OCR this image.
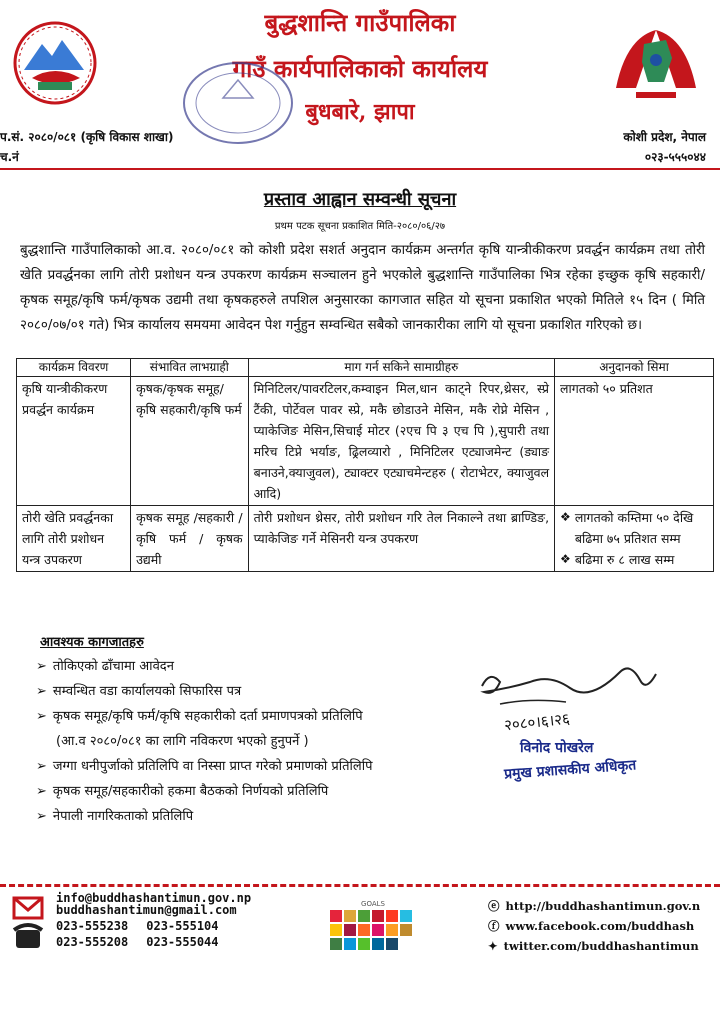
बुद्धशान्ति गाउँपालिका
गाउँ कार्यपालिकाको कार्यालय
बुधबारे, झापा
प.सं. २०८०/०८१ (कृषि विकास शाखा)
च.नं
कोशी प्रदेश, नेपाल
०२३-५५५०४४
प्रस्ताव आह्वान सम्वन्धी सूचना
प्रथम पटक सूचना प्रकाशित मिति-२०८०/०६/२७
बुद्धशान्ति गाउँपालिकाको आ.व. २०८०/०८१ को कोशी प्रदेश सशर्त अनुदान कार्यक्रम अन्तर्गत कृषि यान्त्रीकीकरण प्रवर्द्धन कार्यक्रम तथा तोरी खेति प्रवर्द्धनका लागि तोरी प्रशोधन यन्त्र उपकरण कार्यक्रम सञ्चालन हुने भएकोले बुद्धशान्ति गाउँपालिका भित्र रहेका इच्छुक कृषि सहकारी/कृषक समूह/कृषि फर्म/कृषक उद्यमी तथा कृषकहरुले तपशिल अनुसारका कागजात सहित यो सूचना प्रकाशित भएको मितिले १५ दिन ( मिति २०८०/०७/०१ गते) भित्र कार्यालय समयमा आवेदन पेश गर्नुहुन सम्वन्धित सबैको जानकारीका लागि यो सूचना प्रकाशित गरिएको छ।
कार्यक्रम विवरण	संभावित लाभग्राही	माग गर्न सकिने सामाग्रीहरु	अनुदानको सिमा
कृषि यान्त्रीकीकरण प्रवर्द्धन कार्यक्रम	कृषक/कृषक समूह/कृषि सहकारी/कृषि फर्म	मिनिटिलर/पावरटिलर,कम्वाइन मिल,धान काट्ने रिपर,थ्रेसर, स्प्रे टैंकी, पोर्टेवल पावर स्प्रे, मकै छोडाउने मेसिन, मकै रोप्ने मेसिन , प्याकेजिङ मेसिन,सिचाई मोटर (२एच पि ३ एच पि ),सुपारी तथा मरिच टिप्ने भर्याङ, ढ्रिलव्यारो , मिनिटिलर एट्याजमेन्ट (ड्याङ बनाउने,क्याजुवल), ट्याक्टर एट्याचमेन्टहरु ( रोटाभेटर, क्याजुवल आदि)	लागतको ५० प्रतिशत
तोरी खेति प्रवर्द्धनका लागि तोरी प्रशोधन यन्त्र उपकरण	कृषक समूह /सहकारी /कृषि फर्म / कृषक उद्यमी	तोरी प्रशोधन थ्रेसर, तोरी प्रशोधन गरि तेल निकाल्ने तथा ब्राण्डिङ, प्याकेजिङ गर्ने मेसिनरी यन्त्र उपकरण	❖ लागतको कम्तिमा ५० देखि बढिमा ७५ प्रतिशत सम्म
❖ बढिमा रु ८ लाख सम्म
आवश्यक कागजातहरु
➢ तोकिएको ढाँचामा आवेदन
➢ सम्वन्धित वडा कार्यालयको सिफारिस पत्र
➢ कृषक समूह/कृषि फर्म/कृषि सहकारीको दर्ता प्रमाणपत्रको प्रतिलिपि
(आ.व २०८०/०८१ का लागि नविकरण भएको हुनुपर्ने )
➢ जग्गा धनीपुर्जाको प्रतिलिपि वा निस्सा प्राप्त गरेको प्रमाणको प्रतिलिपि
➢ कृषक समूह/सहकारीको हकमा बैठकको निर्णयको प्रतिलिपि
➢ नेपाली नागरिकताको प्रतिलिपि
२०८०।६।२६
विनोद पोखरेल
प्रमुख प्रशासकीय अधिकृत
info@buddhashantimun.gov.np
buddhashantimun@gmail.com
023-555238 023-555104
023-555208 023-555044
GOALS	ⓔ http://buddhashantimun.gov.n
ⓕ www.facebook.com/buddhash
✦ twitter.com/buddhashantimun
